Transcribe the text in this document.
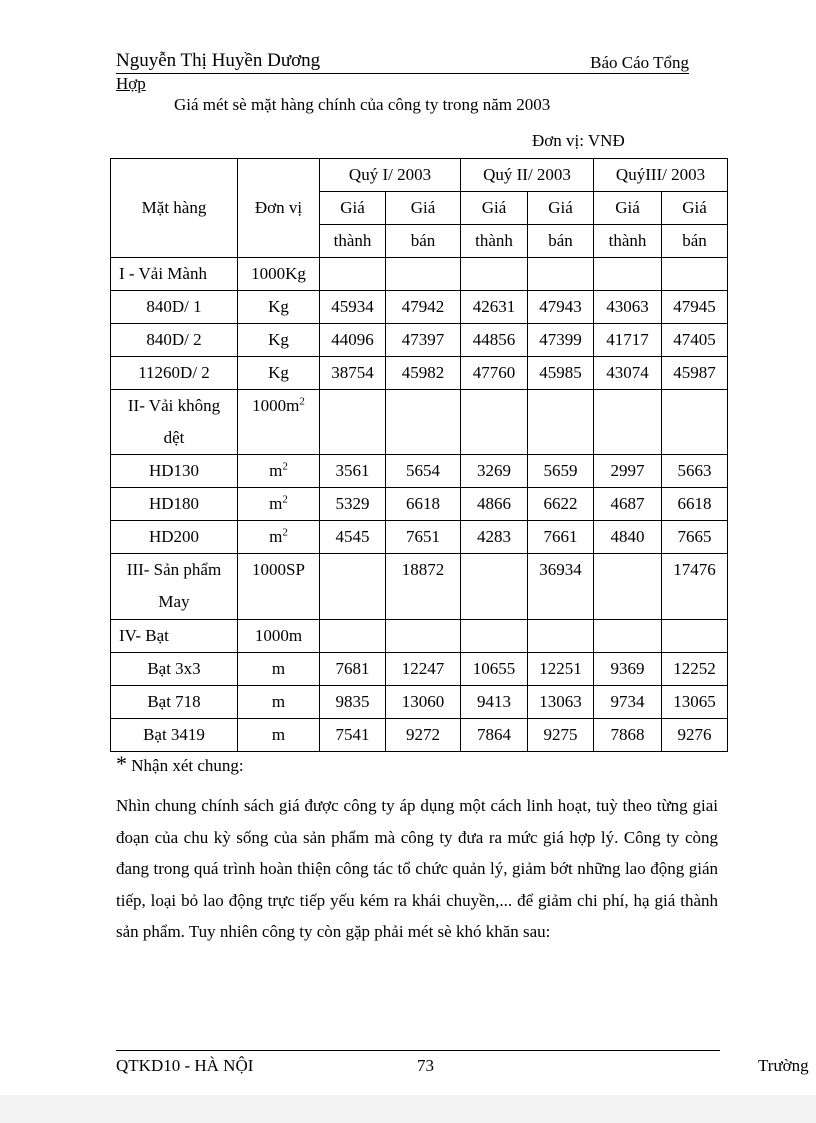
Nguyễn Thị Huyền Dương	Báo Cáo Tổng
Hợp
Giá mét sè mặt hàng chính của công ty trong năm 2003
Đơn vị: VNĐ
Mặt hàng	Đơn vị	Quý I/ 2003		Quý II/ 2003		QuýIII/ 2003	
		Giá	Giá	Giá	Giá	Giá	Giá
		thành	bán	thành	bán	thành	bán
I - Vải Mành	1000Kg						
840D/ 1	Kg	45934	47942	42631	47943	43063	47945
840D/ 2	Kg	44096	47397	44856	47399	41717	47405
11260D/ 2	Kg	38754	45982	47760	45985	43074	45987

II- Vải không
dệt	$1000m^2$						
HD130	$m^2$	3561	5654	3269	5659	2997	5663
HD180	$m^2$	5329	6618	4866	6622	4687	6618
HD200	$m^2$	4545	7651	4283	7661	4840	7665

III- Sản phẩm
May	1000SP		18872		36934		17476
IV- Bạt	1000m						
Bạt 3x3	m	7681	12247	10655	12251	9369	12252
Bạt 718	m	9835	13060	9413	13063	9734	13065
Bạt 3419	m	7541	9272	7864	9275	7868	9276
* Nhận xét chung:
Nhìn chung chính sách giá được công ty áp dụng một cách linh hoạt, tuỳ theo từng giai đoạn của chu kỳ sống của sản phẩm mà công ty đưa ra mức giá hợp lý. Công ty còng đang trong quá trình hoàn thiện công tác tổ chức quản lý, giảm bớt những lao động gián tiếp, loại bỏ lao động trực tiếp yếu kém ra khái chuyền,... để giảm chi phí, hạ giá thành sản phẩm. Tuy nhiên công ty còn gặp phải mét sè khó khăn sau:
QTKD10 - HÀ NỘI	73	Trường
